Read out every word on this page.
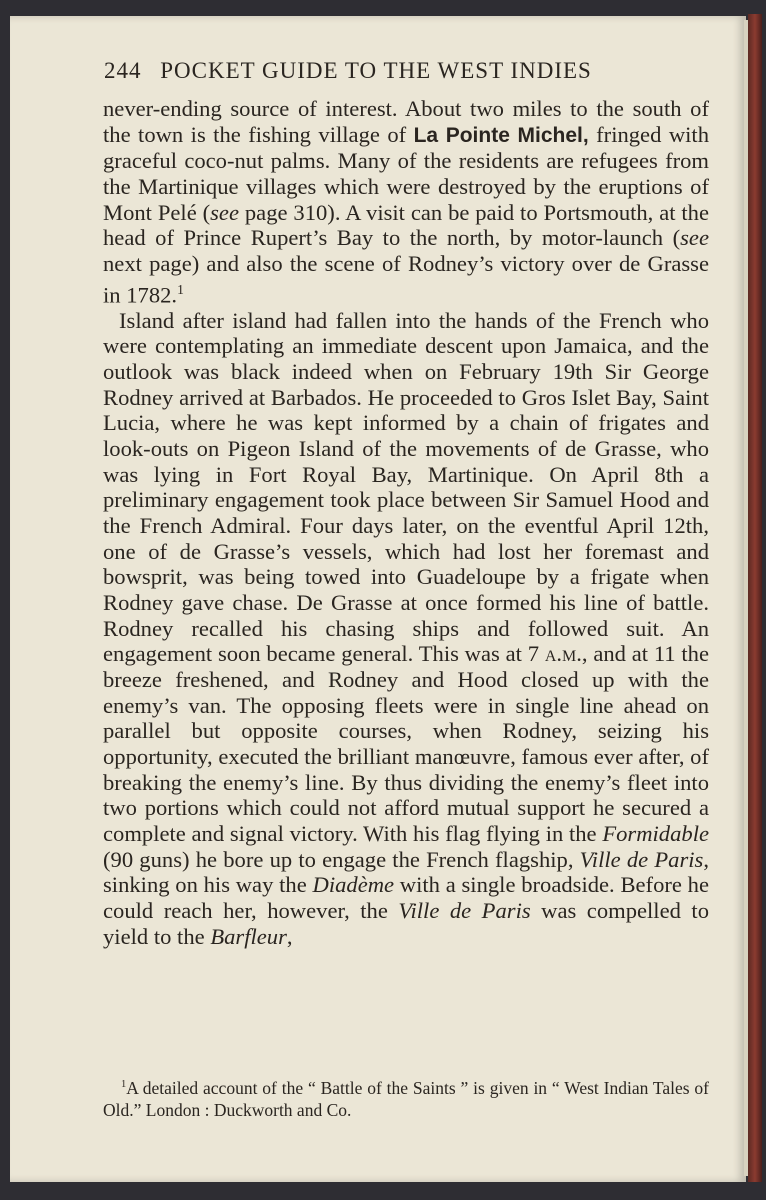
244 POCKET GUIDE TO THE WEST INDIES

never-ending source of interest. About two miles to the south of the town is the fishing village of La Pointe Michel, fringed with graceful coco-nut palms. Many of the residents are refugees from the Martinique villages which were destroyed by the eruptions of Mont Pelé (see page 310). A visit can be paid to Portsmouth, at the head of Prince Rupert’s Bay to the north, by motor-launch (see next page) and also the scene of Rodney’s victory over de Grasse in 1782.$^1$

Island after island had fallen into the hands of the French who were contemplating an immediate descent upon Jamaica, and the outlook was black indeed when on February 19th Sir George Rodney arrived at Barbados. He proceeded to Gros Islet Bay, Saint Lucia, where he was kept informed by a chain of frigates and look-outs on Pigeon Island of the movements of de Grasse, who was lying in Fort Royal Bay, Martinique. On April 8th a preliminary engagement took place between Sir Samuel Hood and the French Admiral. Four days later, on the eventful April 12th, one of de Grasse’s vessels, which had lost her foremast and bowsprit, was being towed into Guadeloupe by a frigate when Rodney gave chase. De Grasse at once formed his line of battle. Rodney recalled his chasing ships and followed suit. An engagement soon became general. This was at 7 a.m., and at 11 the breeze freshened, and Rodney and Hood closed up with the enemy’s van. The opposing fleets were in single line ahead on parallel but opposite courses, when Rodney, seizing his opportunity, executed the brilliant manœuvre, famous ever after, of breaking the enemy’s line. By thus dividing the enemy’s fleet into two portions which could not afford mutual support he secured a complete and signal victory. With his flag flying in the Formidable (90 guns) he bore up to engage the French flagship, Ville de Paris, sinking on his way the Diadème with a single broadside. Before he could reach her, however, the Ville de Paris was compelled to yield to the Barfleur,

$^1$A detailed account of the “ Battle of the Saints ” is given in “ West Indian Tales of Old.” London : Duckworth and Co.
